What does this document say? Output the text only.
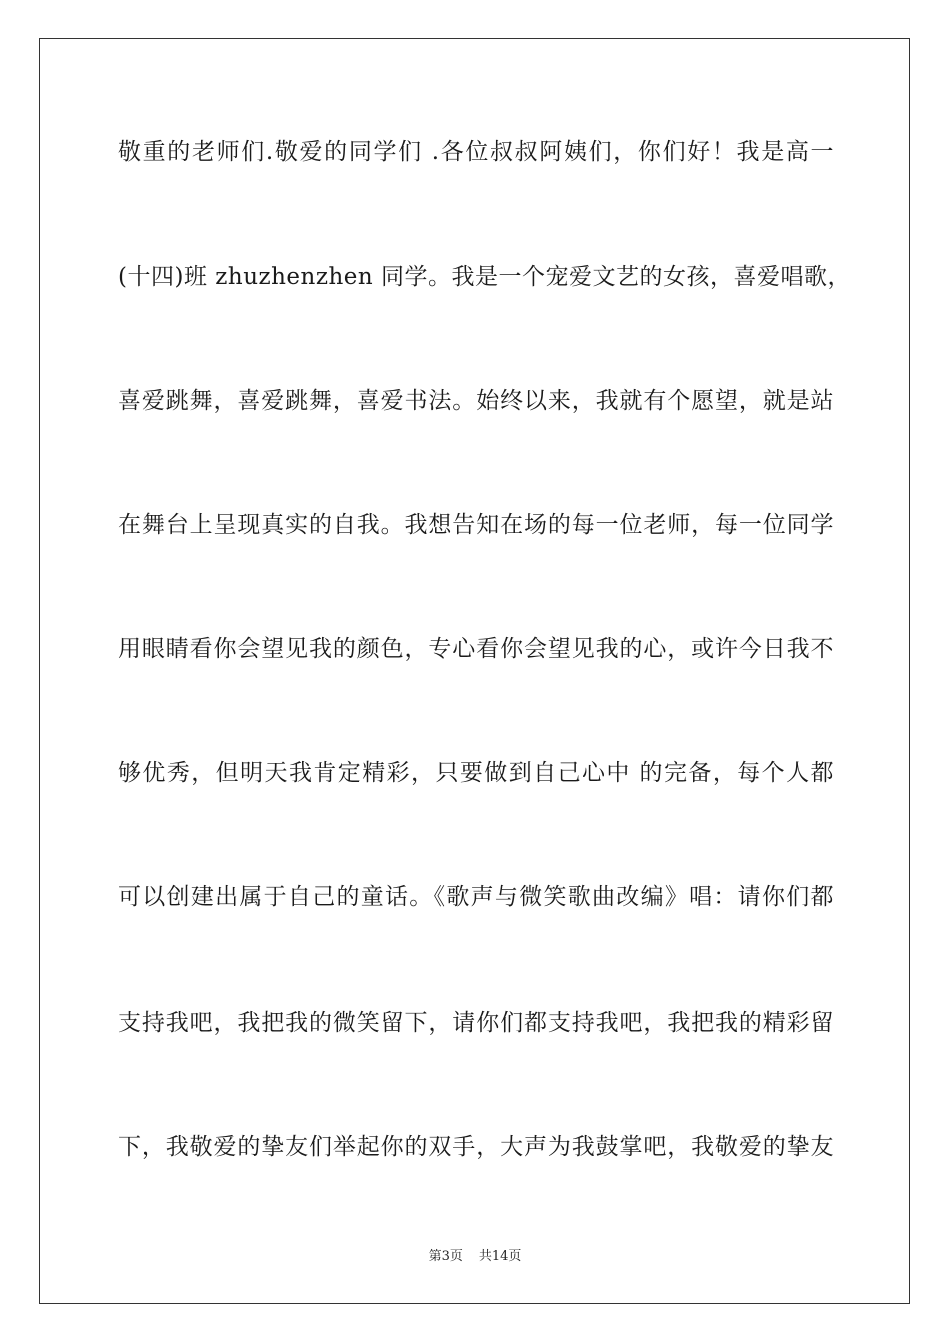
敬重的老师们.敬爱的同学们 .各位叔叔阿姨们，你们好！我是高一
(十四)班 zhuzhenzhen 同学。我是一个宠爱文艺的女孩，喜爱唱歌，
喜爱跳舞，喜爱跳舞，喜爱书法。始终以来，我就有个愿望，就是站
在舞台上呈现真实的自我。我想告知在场的每一位老师，每一位同学
用眼睛看你会望见我的颜色，专心看你会望见我的心，或许今日我不
够优秀，但明天我肯定精彩，只要做到自己心中 的完备，每个人都
可以创建出属于自己的童话。《歌声与微笑歌曲改编》唱：请你们都
支持我吧，我把我的微笑留下，请你们都支持我吧，我把我的精彩留
下，我敬爱的挚友们举起你的双手，大声为我鼓掌吧，我敬爱的挚友
第3页 共14页
